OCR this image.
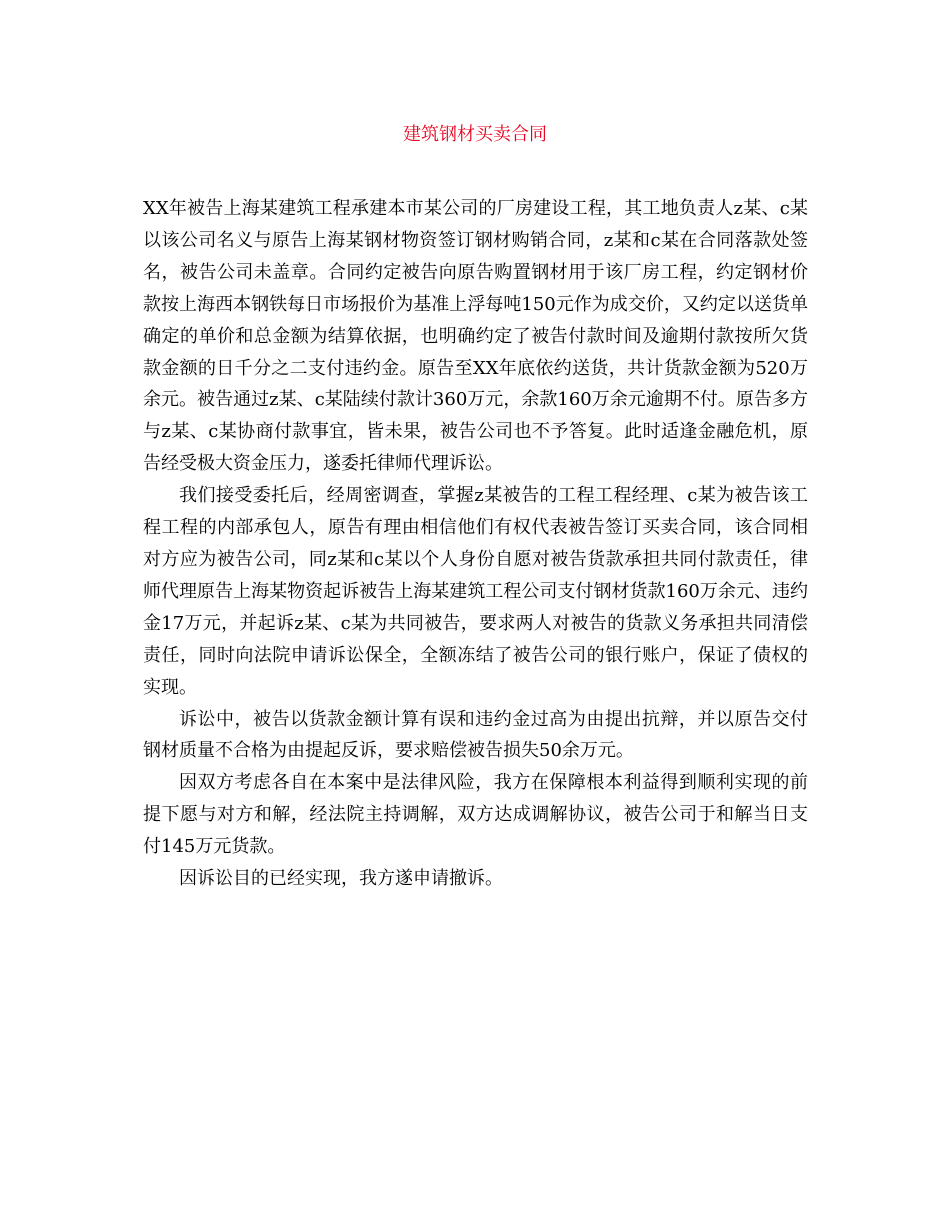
建筑钢材买卖合同

XX年被告上海某建筑工程承建本市某公司的厂房建设工程，其工地负责人z某、c某以该公司名义与原告上海某钢材物资签订钢材购销合同，z某和c某在合同落款处签名，被告公司未盖章。合同约定被告向原告购置钢材用于该厂房工程，约定钢材价款按上海西本钢铁每日市场报价为基准上浮每吨150元作为成交价，又约定以送货单确定的单价和总金额为结算依据，也明确约定了被告付款时间及逾期付款按所欠货款金额的日千分之二支付违约金。原告至XX年底依约送货，共计货款金额为520万余元。被告通过z某、c某陆续付款计360万元，余款160万余元逾期不付。原告多方与z某、c某协商付款事宜，皆未果，被告公司也不予答复。此时适逢金融危机，原告经受极大资金压力，遂委托律师代理诉讼。

我们接受委托后，经周密调查，掌握z某被告的工程工程经理、c某为被告该工程工程的内部承包人，原告有理由相信他们有权代表被告签订买卖合同，该合同相对方应为被告公司，同z某和c某以个人身份自愿对被告货款承担共同付款责任，律师代理原告上海某物资起诉被告上海某建筑工程公司支付钢材货款160万余元、违约金17万元，并起诉z某、c某为共同被告，要求两人对被告的货款义务承担共同清偿责任，同时向法院申请诉讼保全，全额冻结了被告公司的银行账户，保证了债权的实现。

诉讼中，被告以货款金额计算有误和违约金过高为由提出抗辩，并以原告交付钢材质量不合格为由提起反诉，要求赔偿被告损失50余万元。

因双方考虑各自在本案中是法律风险，我方在保障根本利益得到顺利实现的前提下愿与对方和解，经法院主持调解，双方达成调解协议，被告公司于和解当日支付145万元货款。

因诉讼目的已经实现，我方遂申请撤诉。
